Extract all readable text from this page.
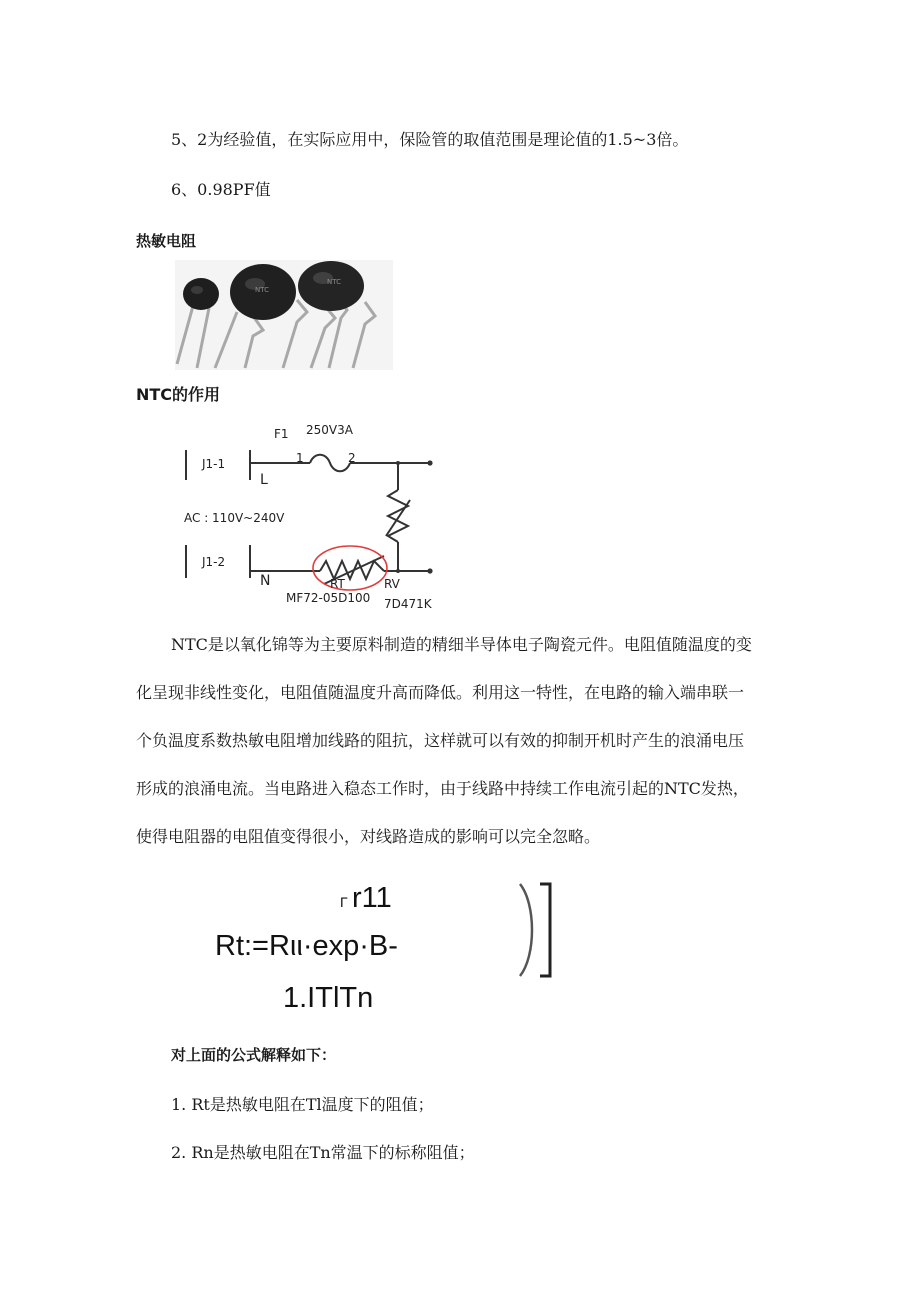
5、2为经验值，在实际应用中，保险管的取值范围是理论值的1.5~3倍。
6、0.98PF值
热敏电阻
NTC
NTC
NTC的作用
J1-1
J1-2
F1 250V3A
1	2
L
N
AC : 110V~240V
RT
MF72-05D100
RV
7D471K
NTC是以氧化锦等为主要原料制造的精细半导体电子陶瓷元件。电阻值随温度的变
化呈现非线性变化，电阻值随温度升高而降低。利用这一特性，在电路的输入端串联一
个负温度系数热敏电阻增加线路的阻抗，这样就可以有效的抑制开机时产生的浪涌电压
形成的浪涌电流。当电路进入稳态工作时，由于线路中持续工作电流引起的NTC发热，
使得电阻器的电阻值变得很小，对线路造成的影响可以完全忽略。
Γ r11
Rt:=Rιι·exp·B-
1.ITlTn
对上面的公式解释如下：
1. Rt是热敏电阻在Tl温度下的阻值；
2. Rn是热敏电阻在Tn常温下的标称阻值；
